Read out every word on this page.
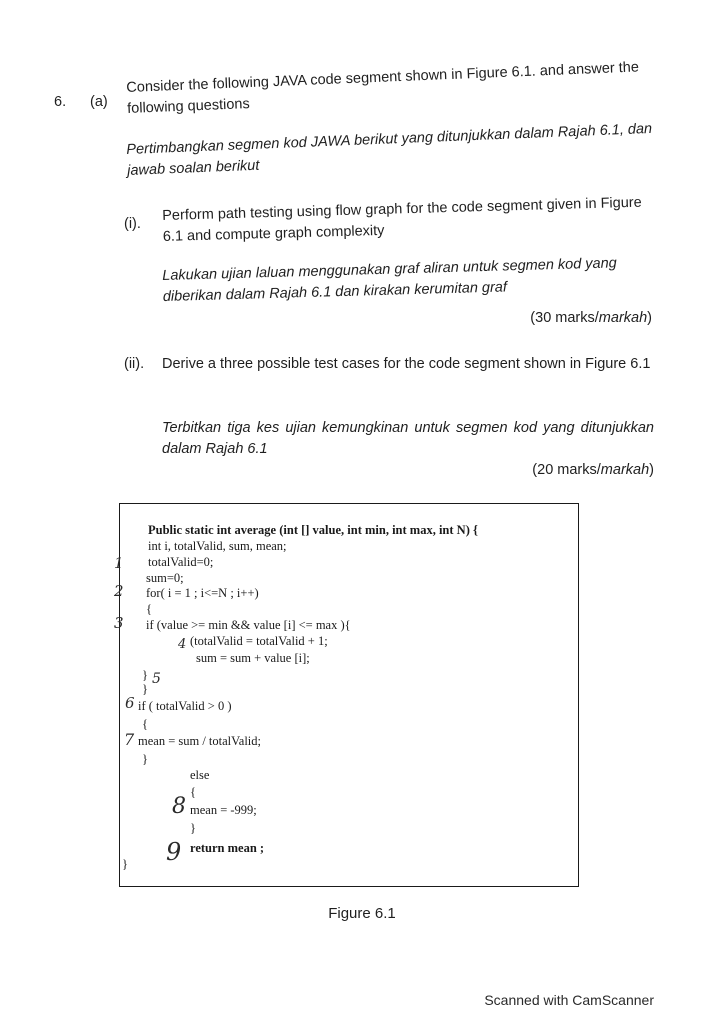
6. (a)
Consider the following JAVA code segment shown in Figure 6.1. and answer the following questions
Pertimbangkan segmen kod JAWA berikut yang ditunjukkan dalam Rajah 6.1, dan jawab soalan berikut
(i).
Perform path testing using flow graph for the code segment given in Figure 6.1 and compute graph complexity
Lakukan ujian laluan menggunakan graf aliran untuk segmen kod yang diberikan dalam Rajah 6.1 dan kirakan kerumitan graf
(30 marks/markah)
(ii). Derive a three possible test cases for the code segment shown in Figure 6.1
Terbitkan tiga kes ujian kemungkinan untuk segmen kod yang ditunjukkan dalam Rajah 6.1
(20 marks/markah)
Public static int average (int [] value, int min, int max, int N) {
int i, totalValid, sum, mean;
totalValid=0;
sum=0;
for( i = 1 ; i<=N ; i++)
{
if (value >= min && value [i] <= max ){
(totalValid = totalValid + 1;
sum = sum + value [i];
}
}
if ( totalValid > 0 )
{
mean = sum / totalValid;
}
else
{
mean = -999;
}
return mean ;
}
1
2
3
4
5
6
7
8
9
Figure 6.1
Scanned with CamScanner
